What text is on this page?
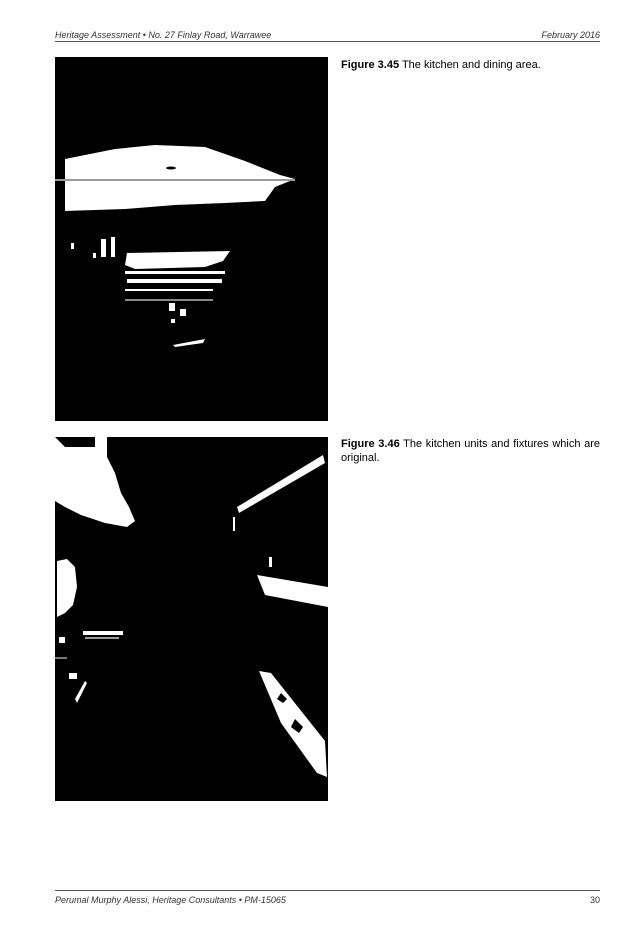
Heritage Assessment • No. 27 Finlay Road, Warrawee	February 2016
Figure 3.45 The kitchen and dining area.
Figure 3.46 The kitchen units and fixtures which are original.
Perumal Murphy Alessi, Heritage Consultants • PM-15065	30
